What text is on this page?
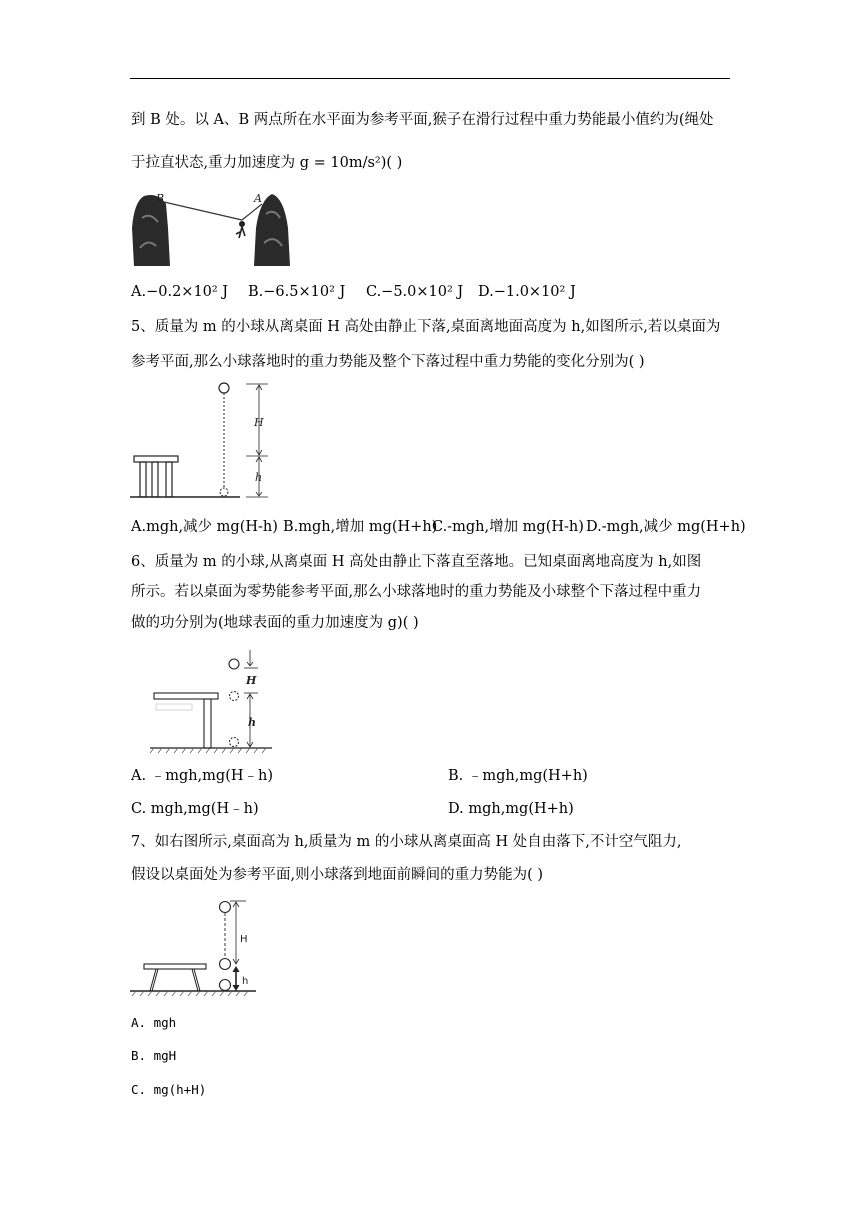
到 B 处。以 A、B 两点所在水平面为参考平面,猴子在滑行过程中重力势能最小值约为(绳处
于拉直状态,重力加速度为 g = 10m/s²)( )
B	A
A.−0.2×10² J B.−6.5×10² J C.−5.0×10² J D.−1.0×10² J
5、质量为 m 的小球从离桌面 H 高处由静止下落,桌面离地面高度为 h,如图所示,若以桌面为
参考平面,那么小球落地时的重力势能及整个下落过程中重力势能的变化分别为( )
H
h
A.mgh,减少 mg(H-h) B.mgh,增加 mg(H+h)
C.-mgh,增加 mg(H-h) D.-mgh,减少 mg(H+h)
6、质量为 m 的小球,从离桌面 H 高处由静止下落直至落地。已知桌面离地高度为 h,如图
所示。若以桌面为零势能参考平面,那么小球落地时的重力势能及小球整个下落过程中重力
做的功分别为(地球表面的重力加速度为 g)( )
H
h
A. ﹣mgh,mg(H﹣h)	B. ﹣mgh,mg(H+h)
C. mgh,mg(H﹣h)	D. mgh,mg(H+h)
7、如右图所示,桌面高为 h,质量为 m 的小球从离桌面高 H 处自由落下,不计空气阻力,
假设以桌面处为参考平面,则小球落到地面前瞬间的重力势能为( )
H
h
A. mgh
B. mgH
C. mg(h+H)
